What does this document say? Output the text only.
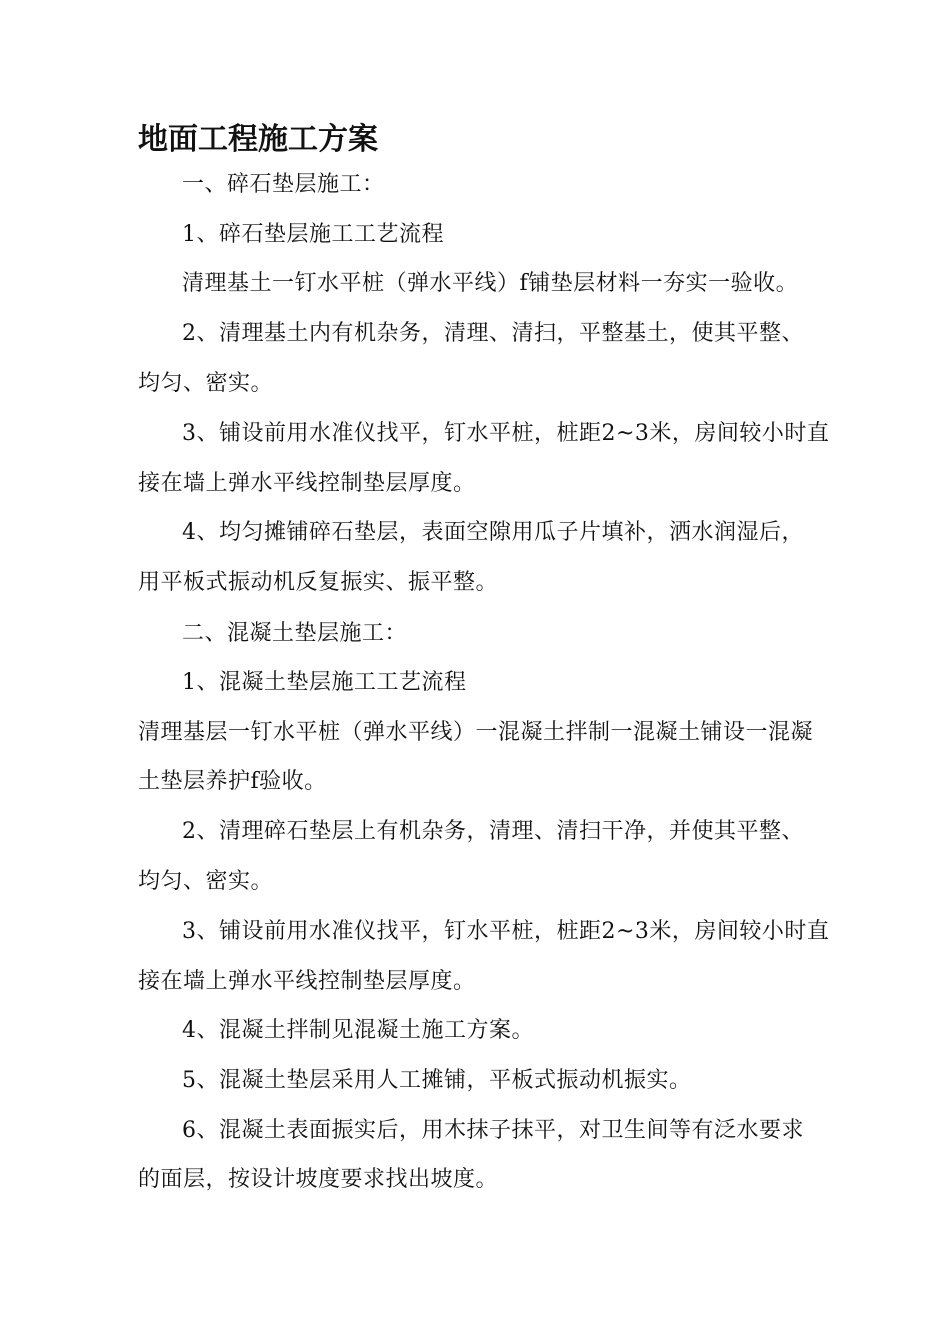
地面工程施工方案
一、碎石垫层施工：
1、碎石垫层施工工艺流程
清理基土一钉水平桩（弹水平线）f铺垫层材料一夯实一验收。
2、清理基土内有机杂务，清理、清扫，平整基土，使其平整、
均匀、密实。
3、铺设前用水准仪找平，钉水平桩，桩距2~3米，房间较小时直
接在墙上弹水平线控制垫层厚度。
4、均匀摊铺碎石垫层，表面空隙用瓜子片填补，洒水润湿后，
用平板式振动机反复振实、振平整。
二、混凝土垫层施工：
1、混凝土垫层施工工艺流程
清理基层一钉水平桩（弹水平线）一混凝土拌制一混凝土铺设一混凝
土垫层养护f验收。
2、清理碎石垫层上有机杂务，清理、清扫干净，并使其平整、
均匀、密实。
3、铺设前用水准仪找平，钉水平桩，桩距2~3米，房间较小时直
接在墙上弹水平线控制垫层厚度。
4、混凝土拌制见混凝土施工方案。
5、混凝土垫层采用人工摊铺，平板式振动机振实。
6、混凝土表面振实后，用木抹子抹平，对卫生间等有泛水要求
的面层，按设计坡度要求找出坡度。
